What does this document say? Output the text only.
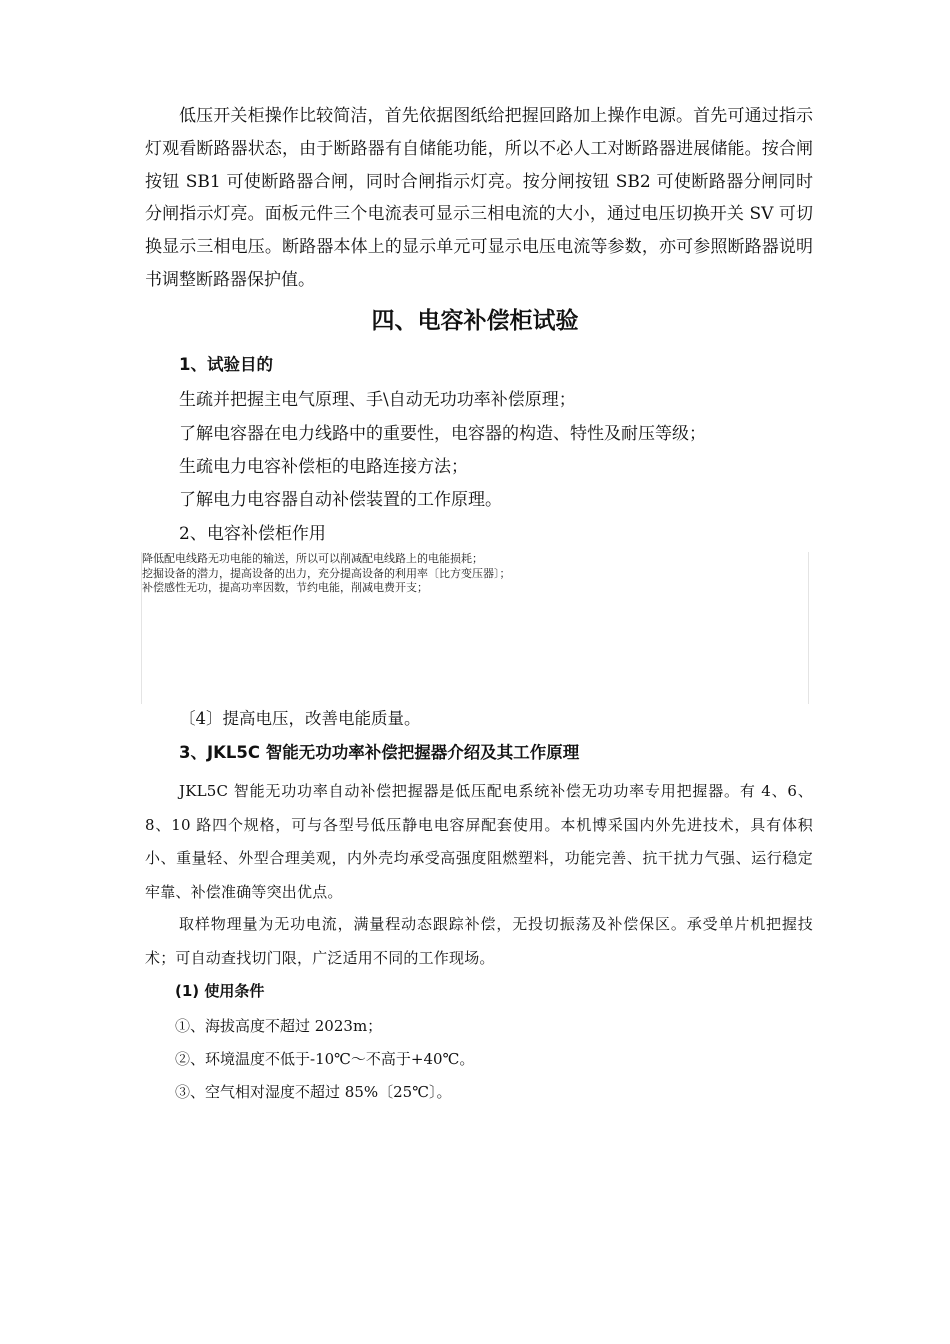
低压开关柜操作比较简洁，首先依据图纸给把握回路加上操作电源。首先可通过指示灯观看断路器状态，由于断路器有自储能功能，所以不必人工对断路器进展储能。按合闸按钮 SB1 可使断路器合闸，同时合闸指示灯亮。按分闸按钮 SB2 可使断路器分闸同时分闸指示灯亮。面板元件三个电流表可显示三相电流的大小，通过电压切换开关 SV 可切换显示三相电压。断路器本体上的显示单元可显示电压电流等参数，亦可参照断路器说明书调整断路器保护值。
四、电容补偿柜试验
1、试验目的
生疏并把握主电气原理、手\自动无功功率补偿原理；
了解电容器在电力线路中的重要性，电容器的构造、特性及耐压等级；
生疏电力电容补偿柜的电路连接方法；
了解电力电容器自动补偿装置的工作原理。
2、电容补偿柜作用
降低配电线路无功电能的输送，所以可以削减配电线路上的电能损耗；
挖掘设备的潜力，提高设备的出力，充分提高设备的利用率〔比方变压器〕；
补偿感性无功，提高功率因数，节约电能，削减电费开支；
〔4〕提高电压，改善电能质量。
3、JKL5C 智能无功功率补偿把握器介绍及其工作原理
JKL5C 智能无功功率自动补偿把握器是低压配电系统补偿无功功率专用把握器。有 4、6、8、10 路四个规格，可与各型号低压静电电容屏配套使用。本机博采国内外先进技术，具有体积小、重量轻、外型合理美观，内外壳均承受高强度阻燃塑料，功能完善、抗干扰力气强、运行稳定牢靠、补偿准确等突出优点。
取样物理量为无功电流，满量程动态跟踪补偿，无投切振荡及补偿保区。承受单片机把握技术；可自动查找切门限，广泛适用不同的工作现场。
(1) 使用条件
①、海拔高度不超过 2023m；
②、环境温度不低于-10℃～不高于+40℃。
③、空气相对湿度不超过 85%〔25℃〕。
